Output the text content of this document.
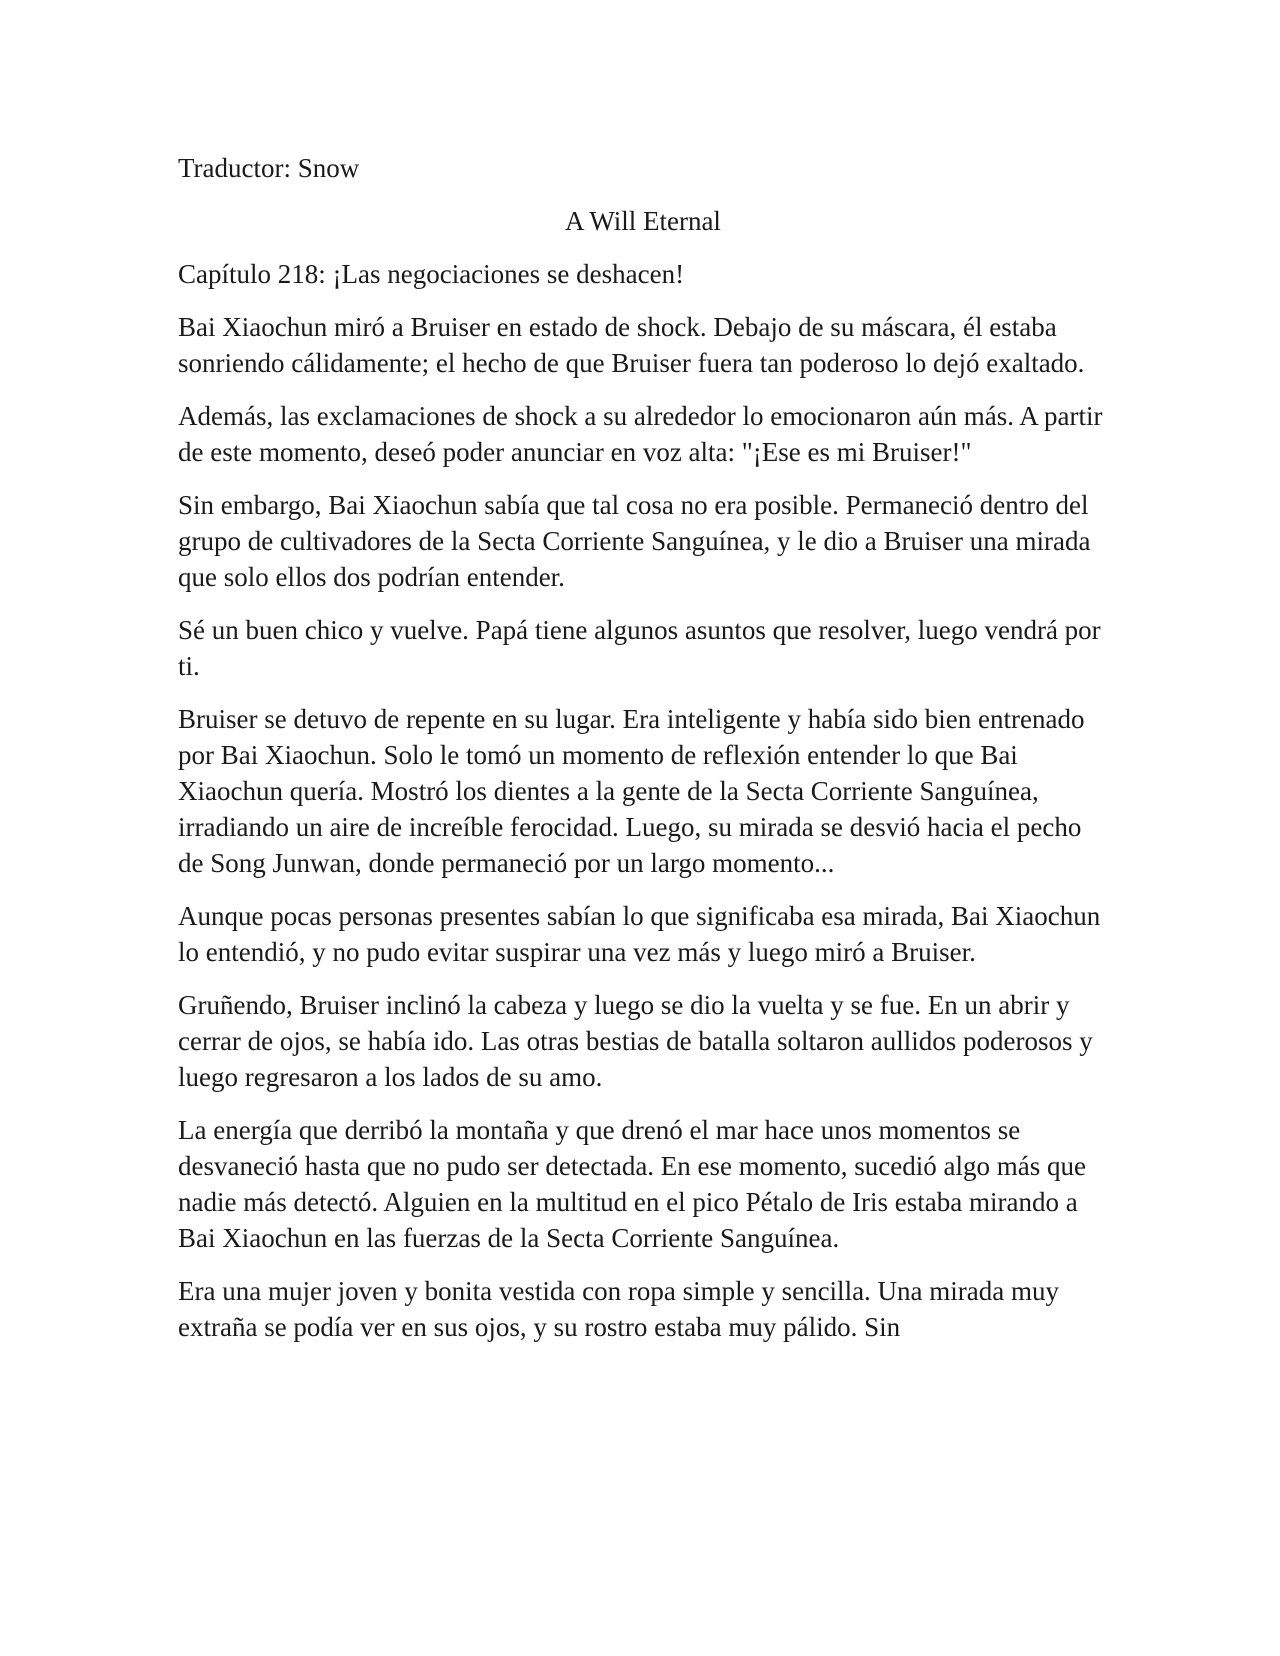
Traductor: Snow
A Will Eternal
Capítulo 218: ¡Las negociaciones se deshacen!

Bai Xiaochun miró a Bruiser en estado de shock. Debajo de su máscara, él estaba sonriendo cálidamente; el hecho de que Bruiser fuera tan poderoso lo dejó exaltado.

Además, las exclamaciones de shock a su alrededor lo emocionaron aún más. A partir de este momento, deseó poder anunciar en voz alta: "¡Ese es mi Bruiser!"

Sin embargo, Bai Xiaochun sabía que tal cosa no era posible. Permaneció dentro del grupo de cultivadores de la Secta Corriente Sanguínea, y le dio a Bruiser una mirada que solo ellos dos podrían entender.

Sé un buen chico y vuelve. Papá tiene algunos asuntos que resolver, luego vendrá por ti.

Bruiser se detuvo de repente en su lugar. Era inteligente y había sido bien entrenado por Bai Xiaochun. Solo le tomó un momento de reflexión entender lo que Bai Xiaochun quería. Mostró los dientes a la gente de la Secta Corriente Sanguínea, irradiando un aire de increíble ferocidad. Luego, su mirada se desvió hacia el pecho de Song Junwan, donde permaneció por un largo momento...

Aunque pocas personas presentes sabían lo que significaba esa mirada, Bai Xiaochun lo entendió, y no pudo evitar suspirar una vez más y luego miró a Bruiser.

Gruñendo, Bruiser inclinó la cabeza y luego se dio la vuelta y se fue. En un abrir y cerrar de ojos, se había ido. Las otras bestias de batalla soltaron aullidos poderosos y luego regresaron a los lados de su amo.

La energía que derribó la montaña y que drenó el mar hace unos momentos se desvaneció hasta que no pudo ser detectada. En ese momento, sucedió algo más que nadie más detectó. Alguien en la multitud en el pico Pétalo de Iris estaba mirando a Bai Xiaochun en las fuerzas de la Secta Corriente Sanguínea.

Era una mujer joven y bonita vestida con ropa simple y sencilla. Una mirada muy extraña se podía ver en sus ojos, y su rostro estaba muy pálido. Sin
